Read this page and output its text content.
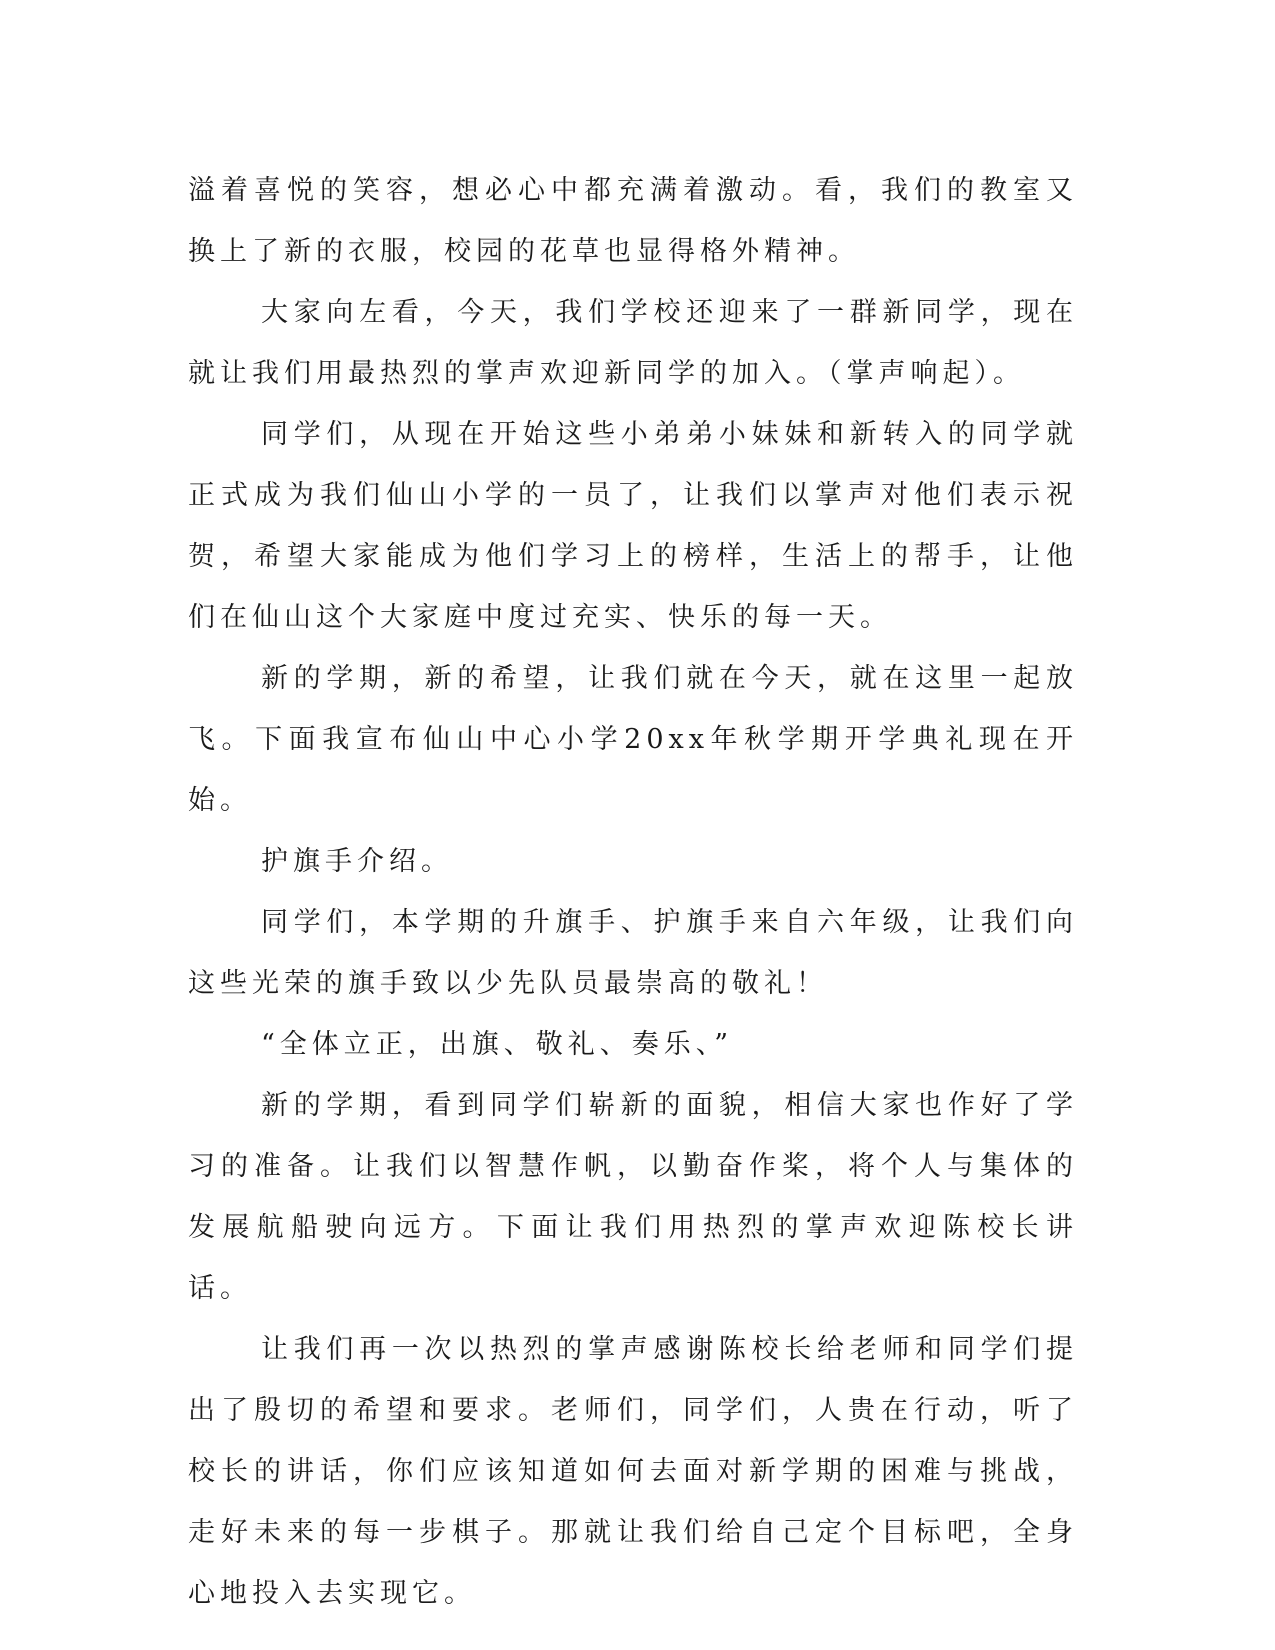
溢着喜悦的笑容，想必心中都充满着激动。看，我们的教室又换上了新的衣服，校园的花草也显得格外精神。

大家向左看，今天，我们学校还迎来了一群新同学，现在就让我们用最热烈的掌声欢迎新同学的加入。（掌声响起）。

同学们，从现在开始这些小弟弟小妹妹和新转入的同学就正式成为我们仙山小学的一员了，让我们以掌声对他们表示祝贺，希望大家能成为他们学习上的榜样，生活上的帮手，让他们在仙山这个大家庭中度过充实、快乐的每一天。

新的学期，新的希望，让我们就在今天，就在这里一起放飞。下面我宣布仙山中心小学20xx年秋学期开学典礼现在开始。

护旗手介绍。

同学们，本学期的升旗手、护旗手来自六年级，让我们向这些光荣的旗手致以少先队员最崇高的敬礼！

“全体立正，出旗、敬礼、奏乐、”

新的学期，看到同学们崭新的面貌，相信大家也作好了学习的准备。让我们以智慧作帆，以勤奋作桨，将个人与集体的发展航船驶向远方。下面让我们用热烈的掌声欢迎陈校长讲话。

让我们再一次以热烈的掌声感谢陈校长给老师和同学们提出了殷切的希望和要求。老师们，同学们，人贵在行动，听了校长的讲话，你们应该知道如何去面对新学期的困难与挑战，走好未来的每一步棋子。那就让我们给自己定个目标吧，全身心地投入去实现它。
